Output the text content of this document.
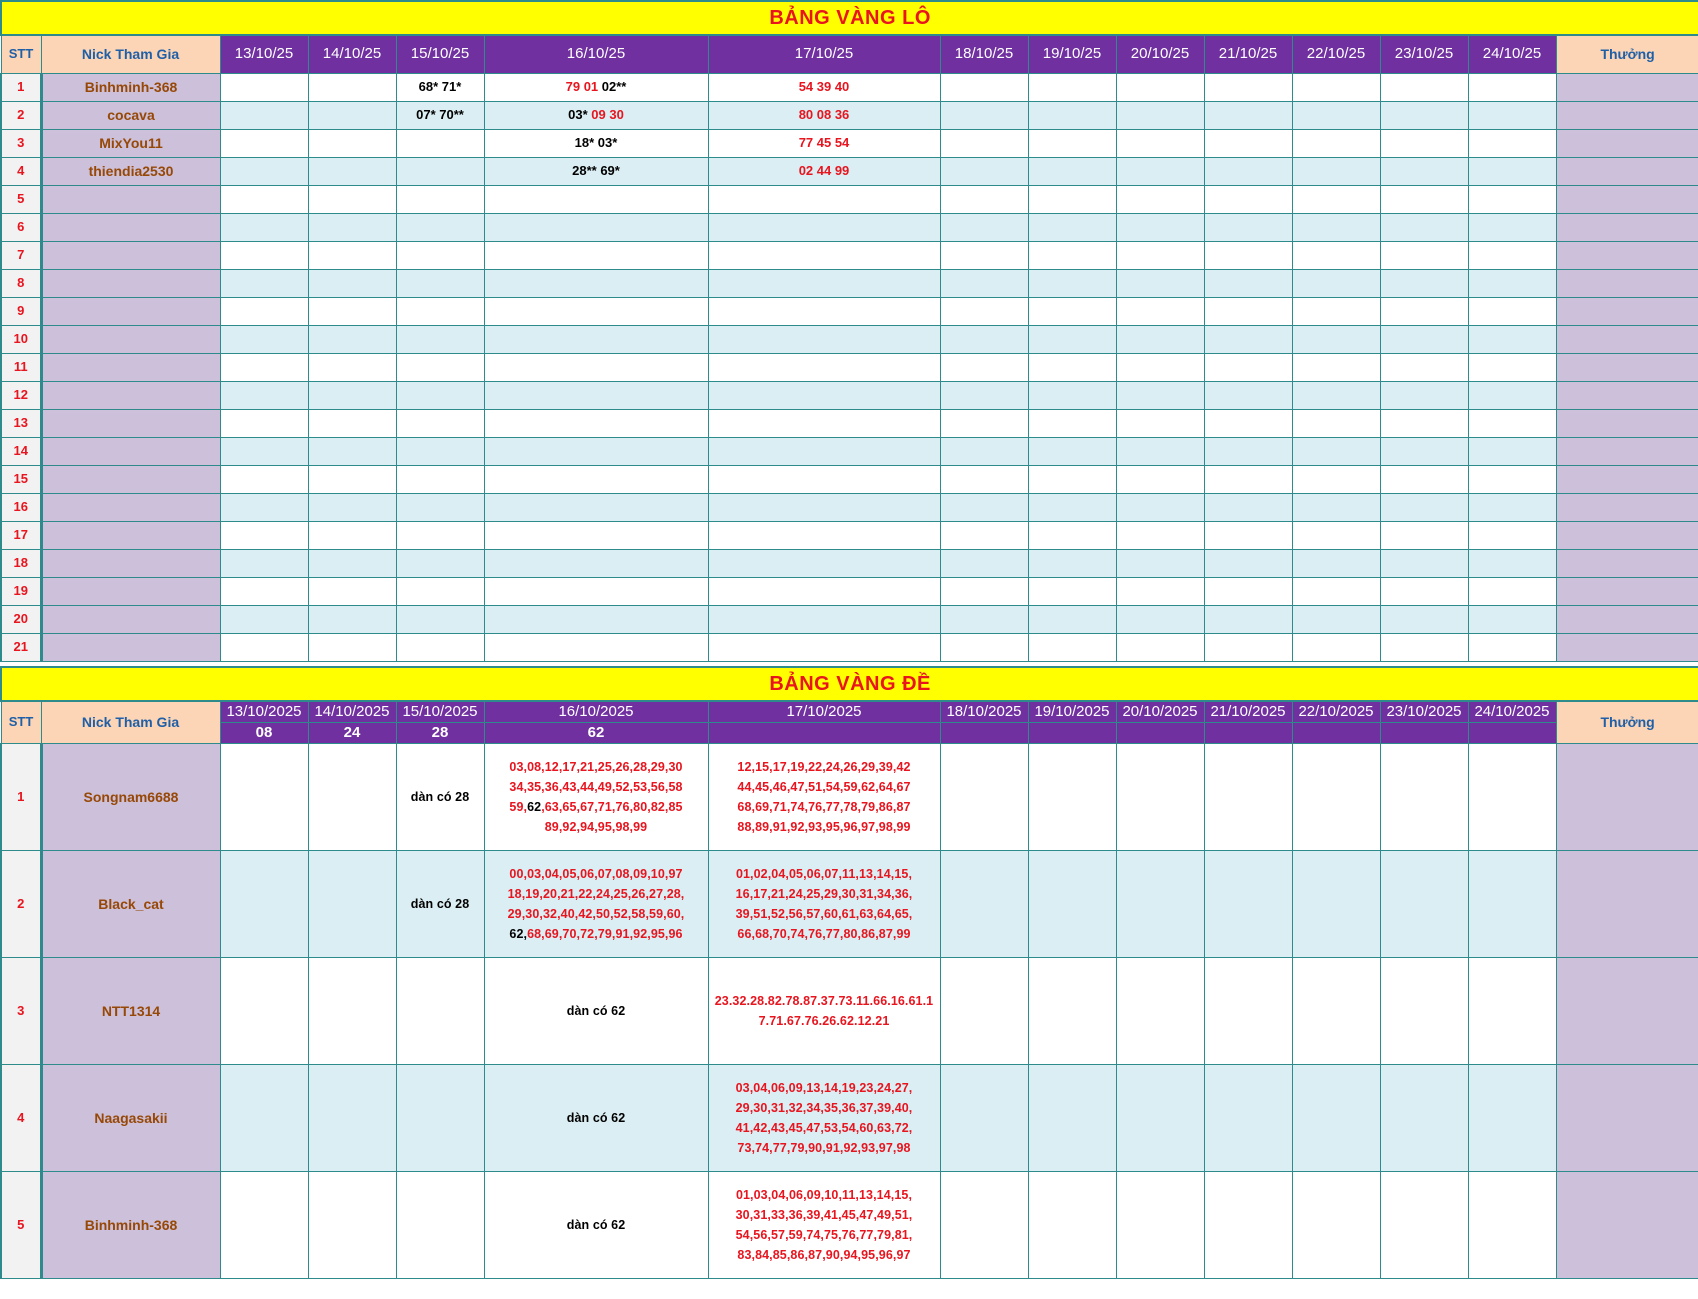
BẢNG VÀNG LÔ														
STT	Nick Tham Gia	13/10/25	14/10/25	15/10/25	16/10/25	17/10/25	18/10/25	19/10/25	20/10/25	21/10/25	22/10/25	23/10/25	24/10/25	Thưởng
1	Binhminh-368			68* 71*	79 01 02**	54 39 40								
2	cocava			07* 70**	03* 09 30	80 08 36								
3	MixYou11				18* 03*	77 45 54								
4	thiendia2530				28** 69*	02 44 99								
5														
6														
7														
8														
9														
10														
11														
12														
13														
14														
15														
16														
17														
18														
19														
20														
21														

BẢNG VÀNG ĐỀ														
STT	Nick Tham Gia	13/10/2025	14/10/2025	15/10/2025	16/10/2025	17/10/2025	18/10/2025	19/10/2025	20/10/2025	21/10/2025	22/10/2025	23/10/2025	24/10/2025	Thưởng
		08	24	28	62									
1	Songnam6688			dàn có 28	03,08,12,17,21,25,26,28,29,30
34,35,36,43,44,49,52,53,56,58
59,62,63,65,67,71,76,80,82,85
89,92,94,95,98,99	12,15,17,19,22,24,26,29,39,42
44,45,46,47,51,54,59,62,64,67
68,69,71,74,76,77,78,79,86,87
88,89,91,92,93,95,96,97,98,99								

2	Black_cat			dàn có 28	00,03,04,05,06,07,08,09,10,97
18,19,20,21,22,24,25,26,27,28,
29,30,32,40,42,50,52,58,59,60,
62,68,69,70,72,79,91,92,95,96	01,02,04,05,06,07,11,13,14,15,
16,17,21,24,25,29,30,31,34,36,
39,51,52,56,57,60,61,63,64,65,
66,68,70,74,76,77,80,86,87,99								

3	NTT1314				dàn có 62	23.32.28.82.78.87.37.73.11.66.16.61.1
7.71.67.76.26.62.12.21								

4	Naagasakii				dàn có 62	03,04,06,09,13,14,19,23,24,27,
29,30,31,32,34,35,36,37,39,40,
41,42,43,45,47,53,54,60,63,72,
73,74,77,79,90,91,92,93,97,98								

5	Binhminh-368				dàn có 62	01,03,04,06,09,10,11,13,14,15,
30,31,33,36,39,41,45,47,49,51,
54,56,57,59,74,75,76,77,79,81,
83,84,85,86,87,90,94,95,96,97								
